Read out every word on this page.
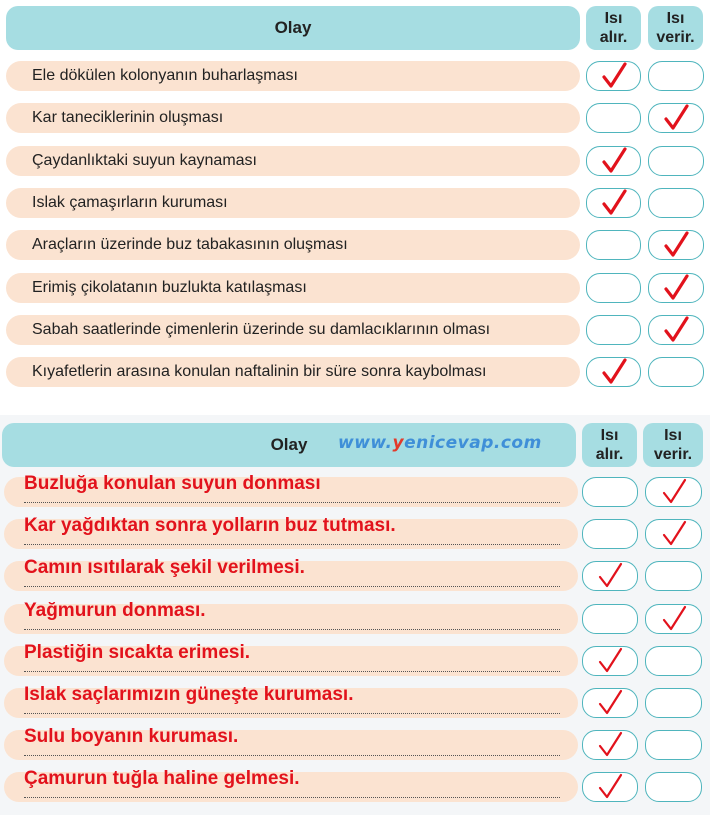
Olay	Isı
alır.
Isı
verir.
Ele dökülen kolonyanın buharlaşması
Kar taneciklerinin oluşması
Çaydanlıktaki suyun kaynaması
Islak çamaşırların kuruması
Araçların üzerinde buz tabakasının oluşması
Erimiş çikolatanın buzlukta katılaşması
Sabah saatlerinde çimenlerin üzerinde su damlacıklarının olması
Kıyafetlerin arasına konulan naftalinin bir süre sonra kaybolması
Olay	Isı
alır.
Isı
verir.
Buzluğa konulan suyun donması
Kar yağdıktan sonra yolların buz tutması.
Camın ısıtılarak şekil verilmesi.
Yağmurun donması.
Plastiğin sıcakta erimesi.
Islak saçlarımızın güneşte kuruması.
Sulu boyanın kuruması.
Çamurun tuğla haline gelmesi.
www.yenicevap.com
